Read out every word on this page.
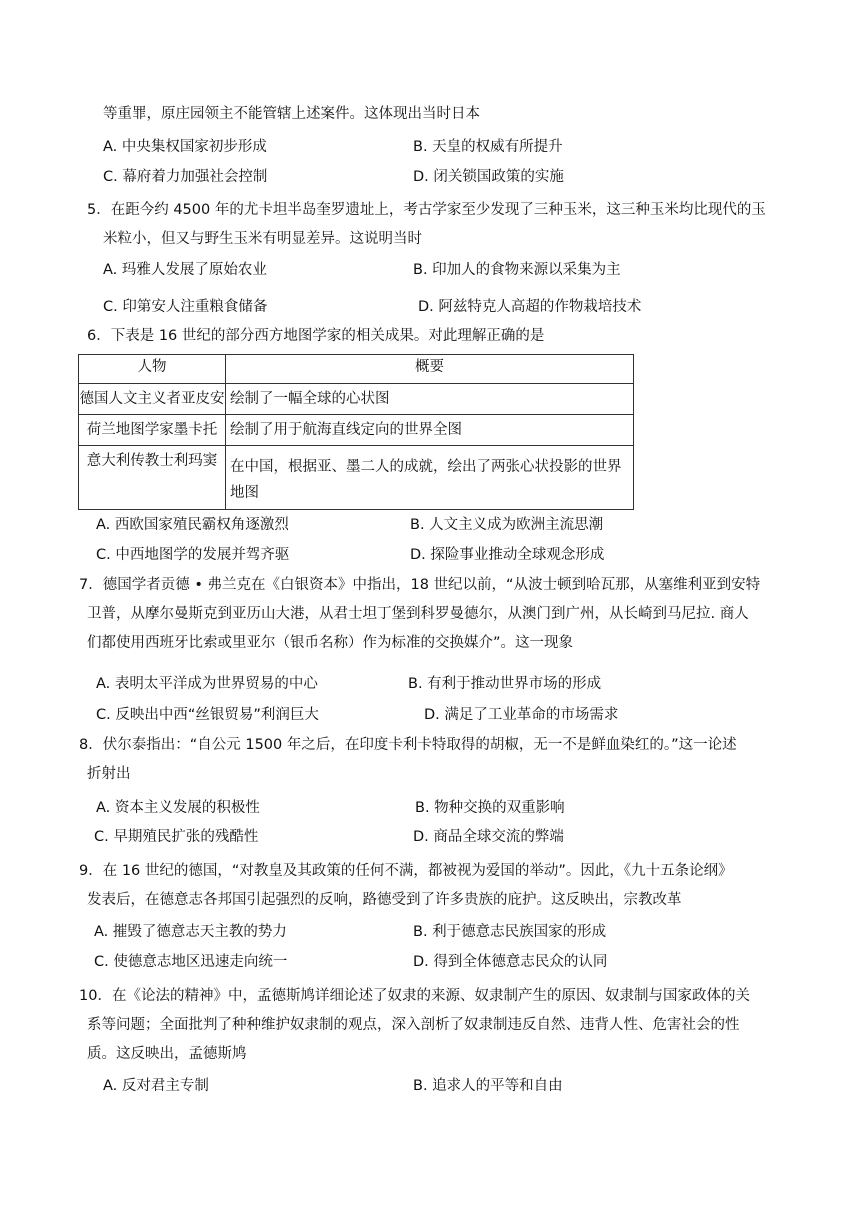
等重罪，原庄园领主不能管辖上述案件。这体现出当时日本
A. 中央集权国家初步形成	B. 天皇的权威有所提升
C. 幕府着力加强社会控制	D. 闭关锁国政策的实施
5．在距今约 4500 年的尤卡坦半岛奎罗遗址上，考古学家至少发现了三种玉米，这三种玉米均比现代的玉
米粒小，但又与野生玉米有明显差异。这说明当时
A. 玛雅人发展了原始农业	B. 印加人的食物来源以采集为主
C. 印第安人注重粮食储备	D. 阿兹特克人高超的作物栽培技术
6．下表是 16 世纪的部分西方地图学家的相关成果。对此理解正确的是
人物	概要

德国人文主义者亚皮安	绘制了一幅全球的心状图

荷兰地图学家墨卡托	绘制了用于航海直线定向的世界全图

意大利传教士利玛窦	在中国，根据亚、墨二人的成就，绘出了两张心状投影的世界地图
A. 西欧国家殖民霸权角逐激烈	B. 人文主义成为欧洲主流思潮
C. 中西地图学的发展并驾齐驱	D. 探险事业推动全球观念形成
7．德国学者贡德 • 弗兰克在《白银资本》中指出，18 世纪以前，“从波士顿到哈瓦那，从塞维利亚到安特
卫普，从摩尔曼斯克到亚历山大港，从君士坦丁堡到科罗曼德尔，从澳门到广州，从长崎到马尼拉. 商人
们都使用西班牙比索或里亚尔（银币名称）作为标准的交换媒介”。这一现象
A. 表明太平洋成为世界贸易的中心	B. 有利于推动世界市场的形成
C. 反映出中西“丝银贸易”利润巨大	D. 满足了工业革命的市场需求
8．伏尔泰指出：“自公元 1500 年之后，在印度卡利卡特取得的胡椒，无一不是鲜血染红的。”这一论述
折射出
A. 资本主义发展的积极性	B. 物种交换的双重影响
C. 早期殖民扩张的残酷性	D. 商品全球交流的弊端
9．在 16 世纪的德国，“对教皇及其政策的任何不满，都被视为爱国的举动”。因此，《九十五条论纲》
发表后，在德意志各邦国引起强烈的反响，路德受到了许多贵族的庇护。这反映出，宗教改革
A. 摧毁了德意志天主教的势力	B. 利于德意志民族国家的形成
C. 使德意志地区迅速走向统一	D. 得到全体德意志民众的认同
10．在《论法的精神》中，孟德斯鸠详细论述了奴隶的来源、奴隶制产生的原因、奴隶制与国家政体的关
系等问题；全面批判了种种维护奴隶制的观点，深入剖析了奴隶制违反自然、违背人性、危害社会的性
质。这反映出，孟德斯鸠
A. 反对君主专制	B. 追求人的平等和自由
